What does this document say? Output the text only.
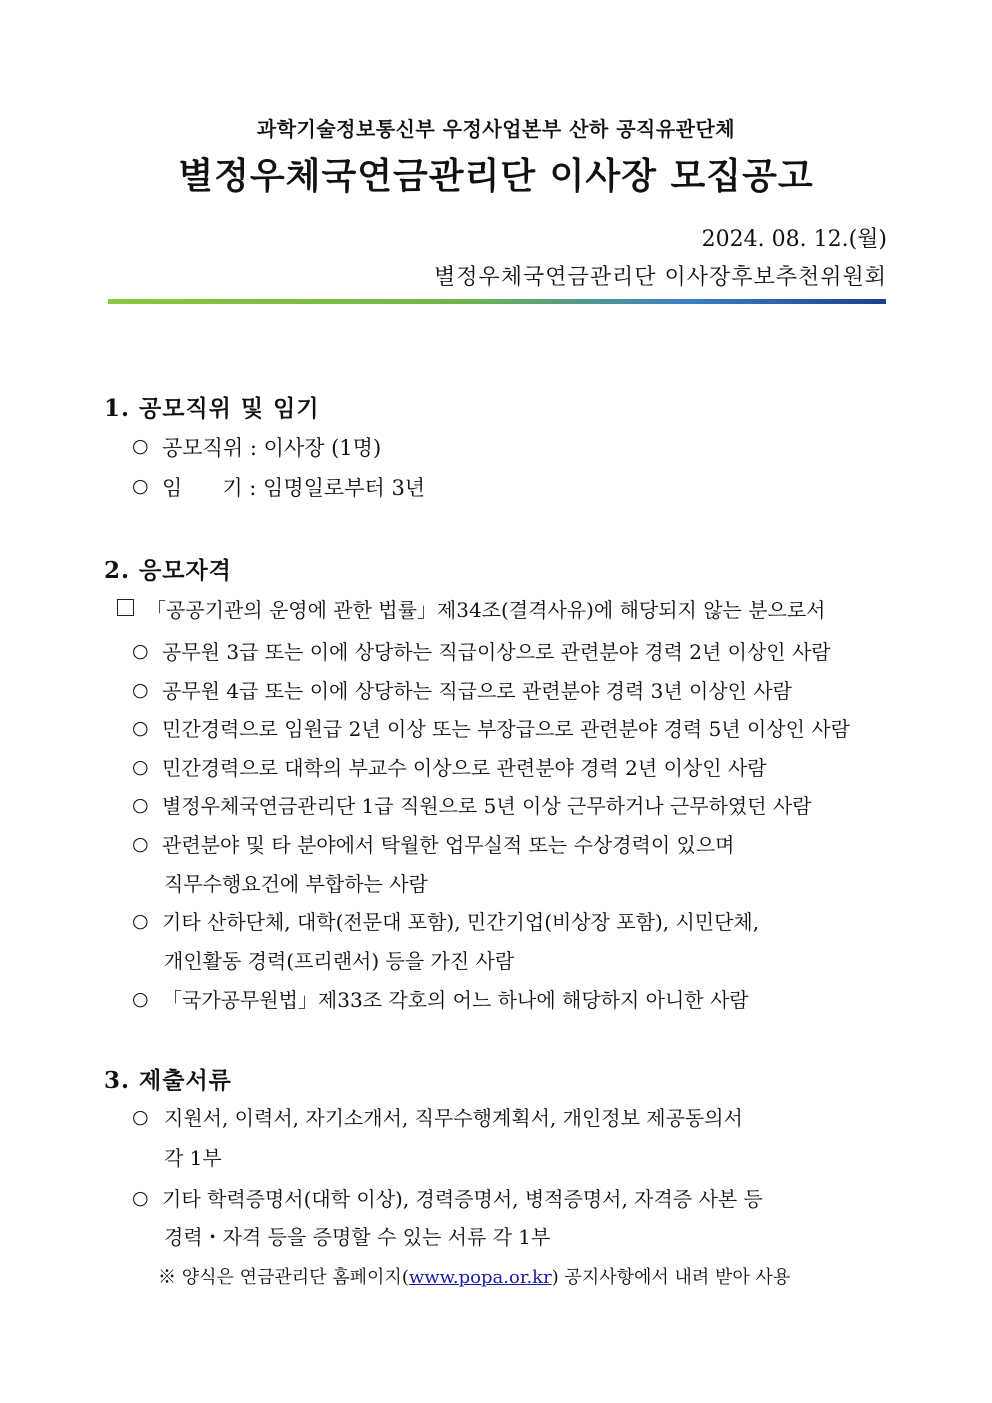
과학기술정보통신부 우정사업본부 산하 공직유관단체
별정우체국연금관리단 이사장 모집공고
2024. 08. 12.(월)
별정우체국연금관리단 이사장후보추천위원회
1. 공모직위 및 임기
○ 공모직위 : 이사장 (1명)
○ 임      기 : 임명일로부터 3년
2. 응모자격
「공공기관의 운영에 관한 법률」제34조(결격사유)에 해당되지 않는 분으로서
○ 공무원 3급 또는 이에 상당하는 직급이상으로 관련분야 경력 2년 이상인 사람
○ 공무원 4급 또는 이에 상당하는 직급으로 관련분야 경력 3년 이상인 사람
○ 민간경력으로 임원급 2년 이상 또는 부장급으로 관련분야 경력 5년 이상인 사람
○ 민간경력으로 대학의 부교수 이상으로 관련분야 경력 2년 이상인 사람
○ 별정우체국연금관리단 1급 직원으로 5년 이상 근무하거나 근무하였던 사람
○ 관련분야 및 타 분야에서 탁월한 업무실적 또는 수상경력이 있으며
직무수행요건에 부합하는 사람
○ 기타 산하단체, 대학(전문대 포함), 민간기업(비상장 포함), 시민단체,
개인활동 경력(프리랜서) 등을 가진 사람
○ 「국가공무원법」제33조 각호의 어느 하나에 해당하지 아니한 사람
3. 제출서류
○ 지원서, 이력서, 자기소개서, 직무수행계획서, 개인정보 제공동의서
각 1부
○ 기타 학력증명서(대학 이상), 경력증명서, 병적증명서, 자격증 사본 등
경력・자격 등을 증명할 수 있는 서류 각 1부
※ 양식은 연금관리단 홈페이지(www.popa.or.kr) 공지사항에서 내려 받아 사용
